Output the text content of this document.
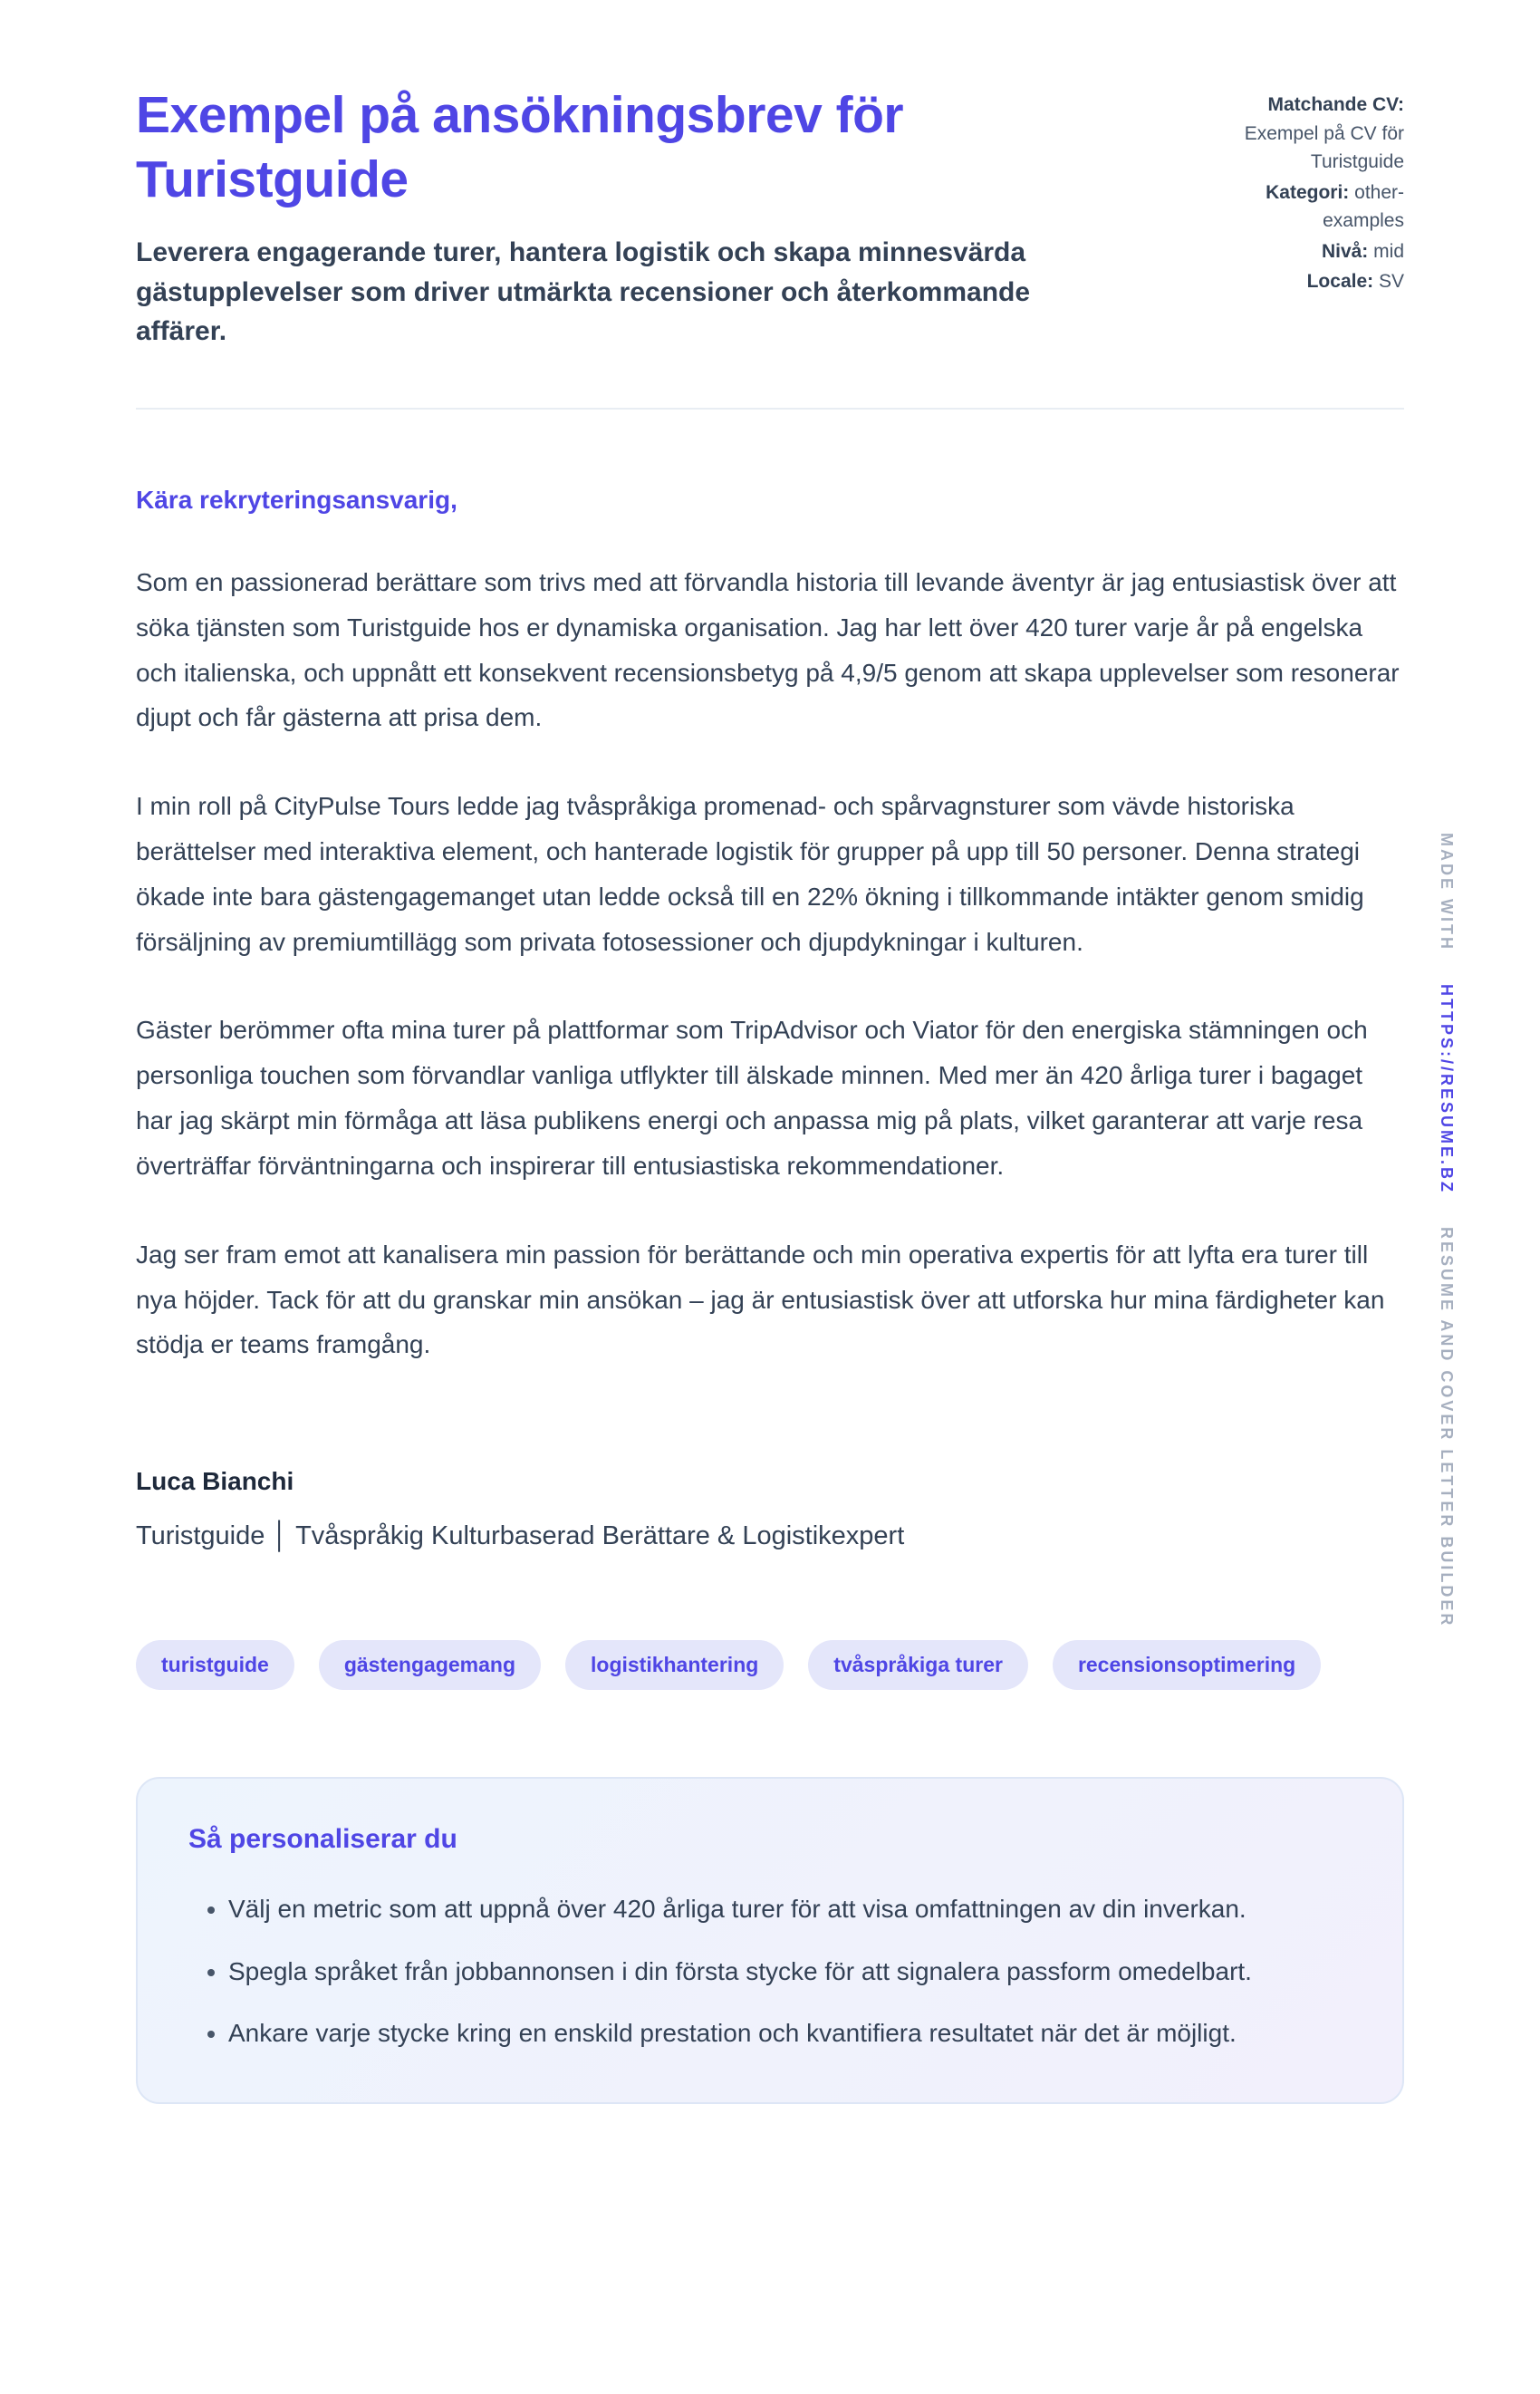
Exempel på ansökningsbrev för Turistguide

Leverera engagerande turer, hantera logistik och skapa minnesvärda gästupplevelser som driver utmärkta recensioner och återkommande affärer.

Matchande CV: Exempel på CV för Turistguide
Kategori: other-examples
Nivå: mid
Locale: SV

Kära rekryteringsansvarig,

Som en passionerad berättare som trivs med att förvandla historia till levande äventyr är jag entusiastisk över att söka tjänsten som Turistguide hos er dynamiska organisation. Jag har lett över 420 turer varje år på engelska och italienska, och uppnått ett konsekvent recensionsbetyg på 4,9/5 genom att skapa upplevelser som resonerar djupt och får gästerna att prisa dem.

I min roll på CityPulse Tours ledde jag tvåspråkiga promenad- och spårvagnsturer som vävde historiska berättelser med interaktiva element, och hanterade logistik för grupper på upp till 50 personer. Denna strategi ökade inte bara gästengagemanget utan ledde också till en 22% ökning i tillkommande intäkter genom smidig försäljning av premiumtillägg som privata fotosessioner och djupdykningar i kulturen.

Gäster berömmer ofta mina turer på plattformar som TripAdvisor och Viator för den energiska stämningen och personliga touchen som förvandlar vanliga utflykter till älskade minnen. Med mer än 420 årliga turer i bagaget har jag skärpt min förmåga att läsa publikens energi och anpassa mig på plats, vilket garanterar att varje resa överträffar förväntningarna och inspirerar till entusiastiska rekommendationer.

Jag ser fram emot att kanalisera min passion för berättande och min operativa expertis för att lyfta era turer till nya höjder. Tack för att du granskar min ansökan – jag är entusiastisk över att utforska hur mina färdigheter kan stödja er teams framgång.

Luca Bianchi

Turistguide │ Tvåspråkig Kulturbaserad Berättare & Logistikexpert

turistguide	gästengagemang	logistikhantering	tvåspråkiga turer	recensionsoptimering
Så personaliserar du
• Välj en metric som att uppnå över 420 årliga turer för att visa omfattningen av din inverkan.
• Spegla språket från jobbannonsen i din första stycke för att signalera passform omedelbart.
• Ankare varje stycke kring en enskild prestation och kvantifiera resultatet när det är möjligt.
MADE WITH HTTPS://RESUME.BZ RESUME AND COVER LETTER BUILDER
